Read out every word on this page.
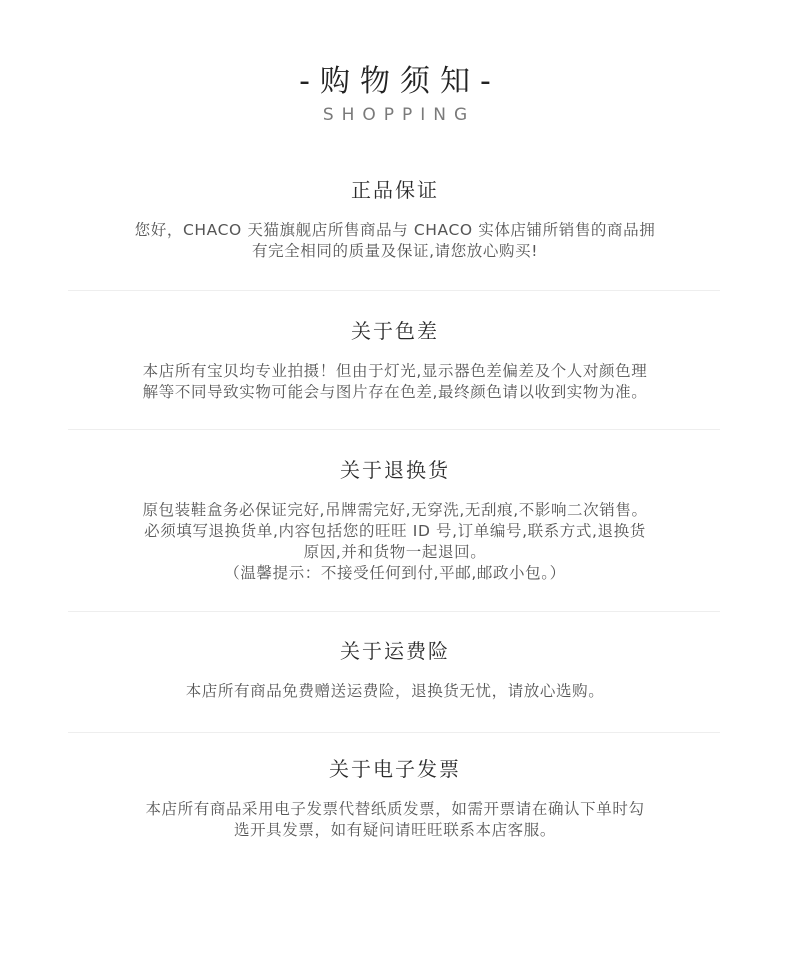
-购物须知-
SHOPPING
正品保证
您好，CHACO 天猫旗舰店所售商品与 CHACO 实体店铺所销售的商品拥
有完全相同的质量及保证,请您放心购买!
关于色差
本店所有宝贝均专业拍摄！但由于灯光,显示器色差偏差及个人对颜色理
解等不同导致实物可能会与图片存在色差,最终颜色请以收到实物为准。
关于退换货
原包装鞋盒务必保证完好,吊牌需完好,无穿洗,无刮痕,不影响二次销售。
必须填写退换货单,内容包括您的旺旺 ID 号,订单编号,联系方式,退换货
原因,并和货物一起退回。
（温馨提示：不接受任何到付,平邮,邮政小包。）
关于运费险
本店所有商品免费赠送运费险，退换货无忧，请放心选购。
关于电子发票
本店所有商品采用电子发票代替纸质发票，如需开票请在确认下单时勾
选开具发票，如有疑问请旺旺联系本店客服。
